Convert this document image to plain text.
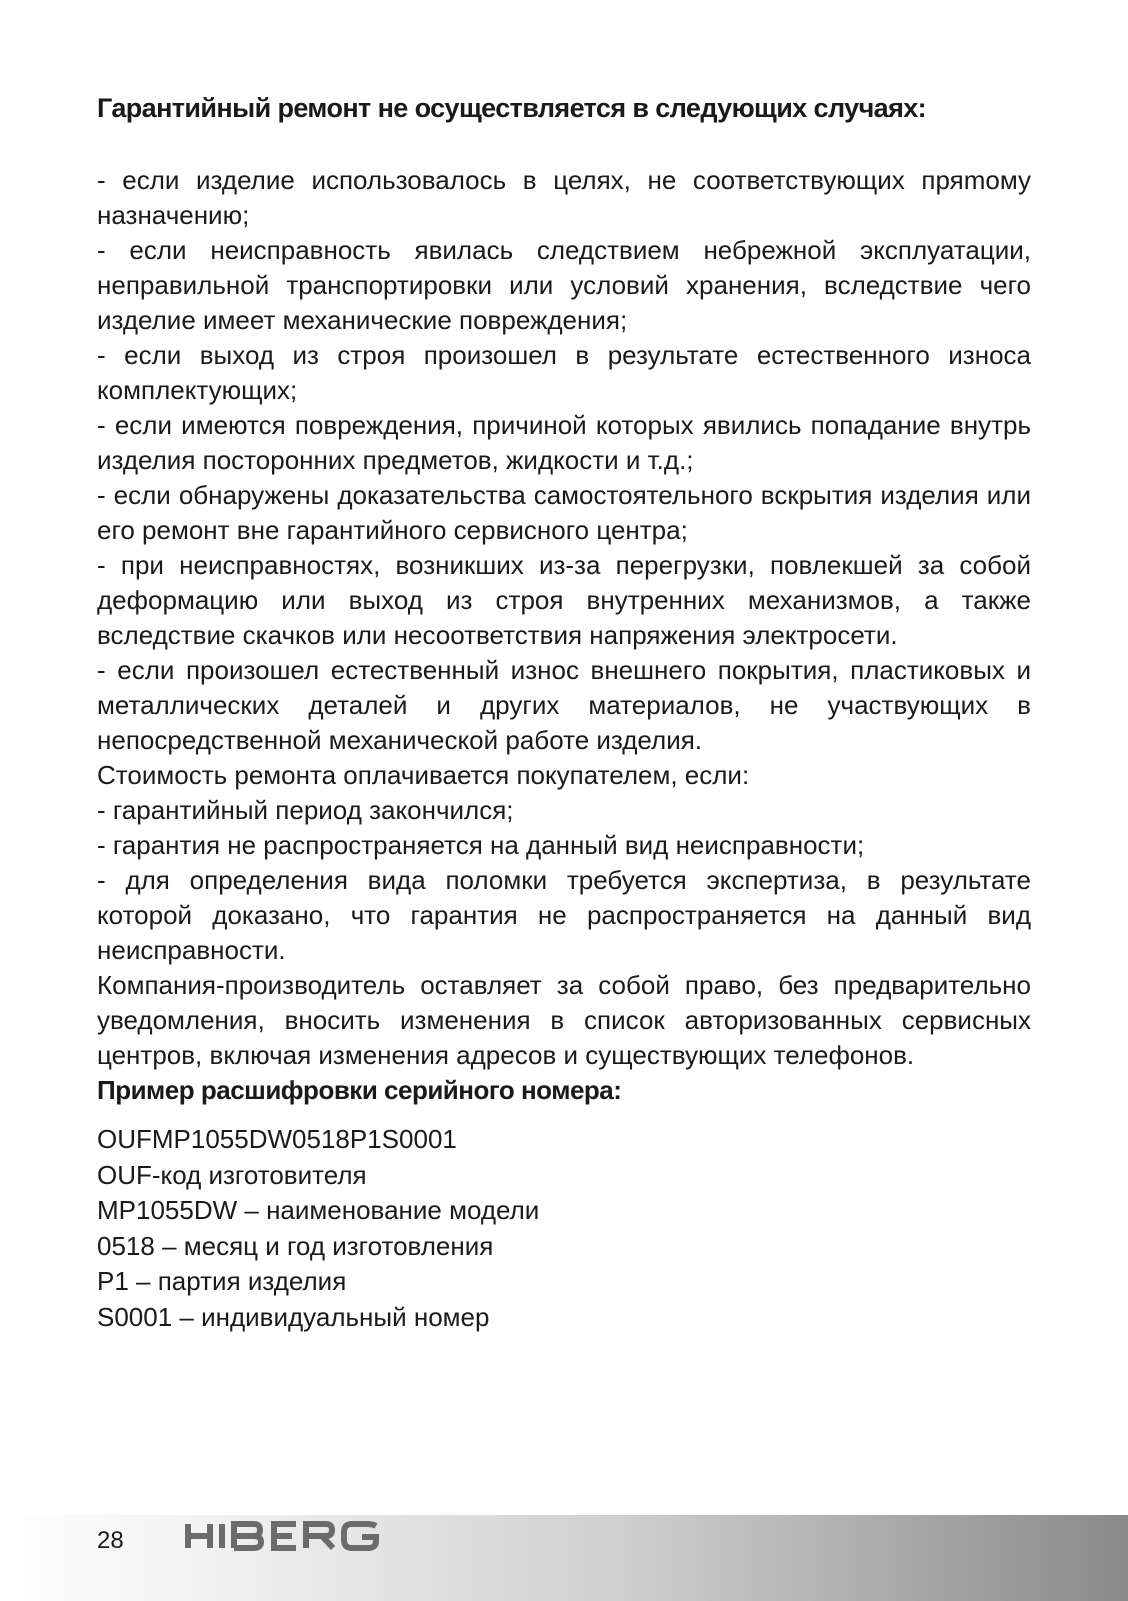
Гарантийный ремонт не осуществляется в следующих случаях:

- если изделие использовалось в целях, не соответствующих пряmому назначению;

- если неисправность явилась следствием небрежной эксплуатации, неправильной транспортировки или условий хранения, вследствие чего изделие имеет механические повреждения;

- если выход из строя произошел в результате естественного износа комплектующих;

- если имеются повреждения, причиной которых явились попадание внутрь изделия посторонних предметов, жидкости и т.д.;

- если обнаружены доказательства самостоятельного вскрытия изделия или его ремонт вне гарантийного сервисного центра;

- при неисправностях, возникших из-за перегрузки, повлекшей за собой деформацию или выход из строя внутренних механизмов, а также вследствие скачков или несоответствия напряжения электросети.

- если произошел естественный износ внешнего покрытия, пластиковых и металлических деталей и других материалов, не участвующих в непосредственной механической работе изделия.

Стоимость ремонта оплачивается покупателем, если:

- гарантийный период закончился;

- гарантия не распространяется на данный вид неисправности;

- для определения вида поломки требуется экспертиза, в результате которой доказано, что гарантия не распространяется на данный вид неисправности.

Компания-производитель оставляет за собой право, без предварительно уведомления, вносить изменения в список авторизованных сервисных центров, включая изменения адресов и существующих телефонов.

Пример расшифровки серийного номера:
OUFMP1055DW0518P1S0001
OUF-код изготовителя
MP1055DW – наименование модели
0518 – месяц и год изготовления
P1 – партия изделия
S0001 – индивидуальный номер
28
